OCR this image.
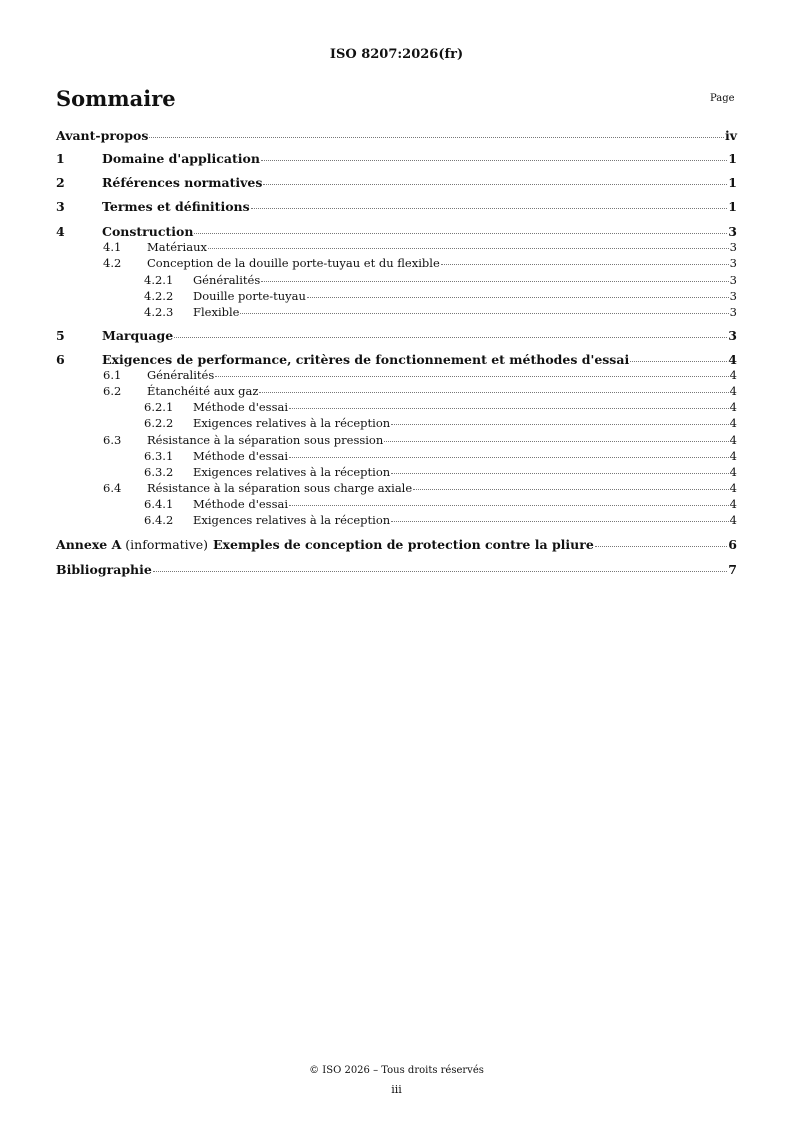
ISO 8207:2026(fr)
Sommaire	Page
Avant-propos	iv
1	Domaine d'application	1
2	Références normatives	1
3	Termes et définitions	1
4	Construction	3
4.1	Matériaux	3
4.2	Conception de la douille porte-tuyau et du flexible	3
4.2.1	Généralités	3
4.2.2	Douille porte-tuyau	3
4.2.3	Flexible	3
5	Marquage	3
6	Exigences de performance, critères de fonctionnement et méthodes d'essai	4
6.1	Généralités	4
6.2	Étanchéité aux gaz	4
6.2.1	Méthode d'essai	4
6.2.2	Exigences relatives à la réception	4
6.3	Résistance à la séparation sous pression	4
6.3.1	Méthode d'essai	4
6.3.2	Exigences relatives à la réception	4
6.4	Résistance à la séparation sous charge axiale	4
6.4.1	Méthode d'essai	4
6.4.2	Exigences relatives à la réception	4
Annexe A (informative) Exemples de conception de protection contre la pliure	6
Bibliographie	7
© ISO 2026 – Tous droits réservés
iii
